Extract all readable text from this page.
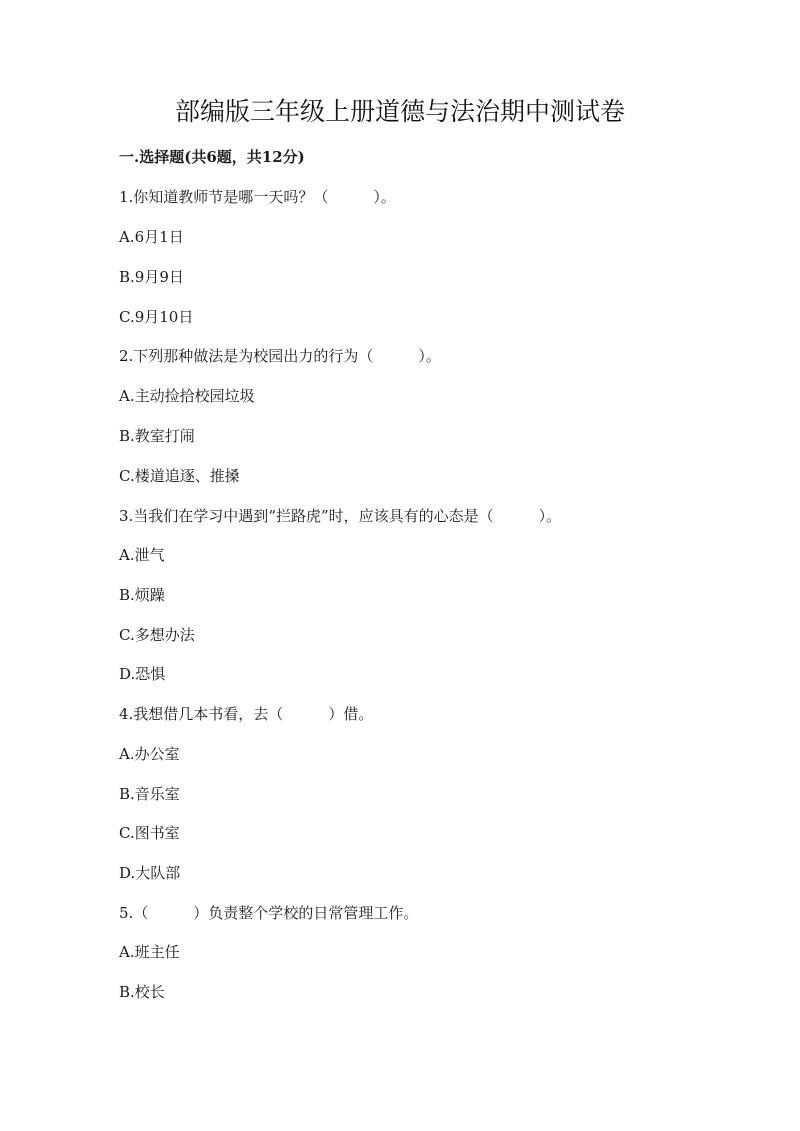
部编版三年级上册道德与法治期中测试卷
一.选择题(共6题，共12分)
1.你知道教师节是哪一天吗？（　　　）。
A.6月1日
B.9月9日
C.9月10日
2.下列那种做法是为校园出力的行为（　　　）。
A.主动捡拾校园垃圾
B.教室打闹
C.楼道追逐、推搡
3.当我们在学习中遇到“拦路虎”时，应该具有的心态是（　　　）。
A.泄气
B.烦躁
C.多想办法
D.恐惧
4.我想借几本书看，去（　　　）借。
A.办公室
B.音乐室
C.图书室
D.大队部
5.（　　　）负责整个学校的日常管理工作。
A.班主任
B.校长
